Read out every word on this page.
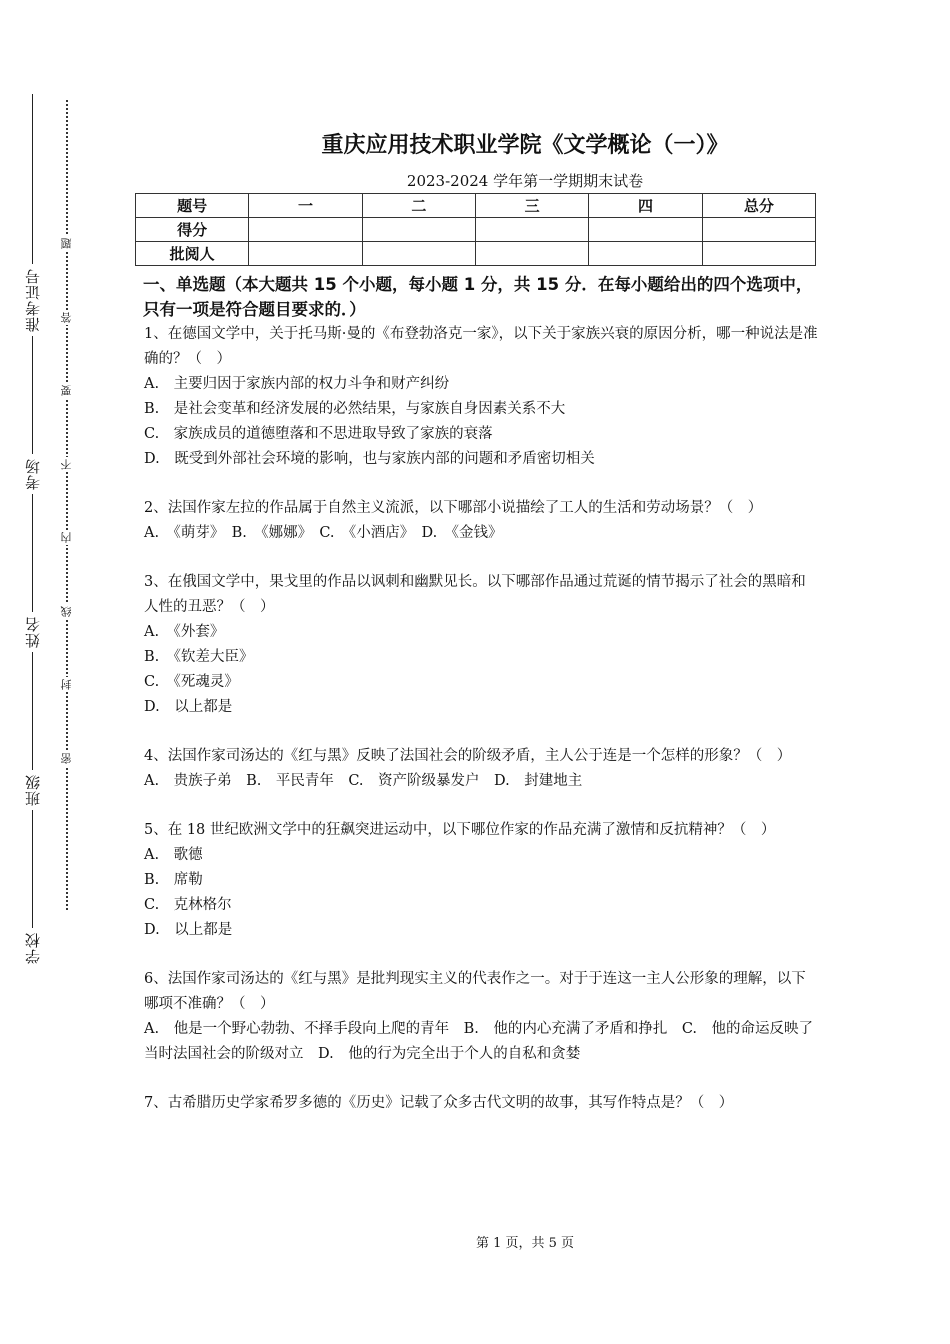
准考证号
考场
姓名
班级
学校
题
答
要
不
内
线
封
密
重庆应用技术职业学院《文学概论（一）》
2023-2024 学年第一学期期末试卷
题号	一	二	三	四	总分
得分					
批阅人					
一、单选题（本大题共 15 个小题，每小题 1 分，共 15 分．在每小题给出的四个选项中，只有一项是符合题目要求的．）
1、在德国文学中，关于托马斯·曼的《布登勃洛克一家》，以下关于家族兴衰的原因分析，哪一种说法是准确的？（　）
A.　主要归因于家族内部的权力斗争和财产纠纷
B.　是社会变革和经济发展的必然结果，与家族自身因素关系不大
C.　家族成员的道德堕落和不思进取导致了家族的衰落
D.　既受到外部社会环境的影响，也与家族内部的问题和矛盾密切相关
2、法国作家左拉的作品属于自然主义流派，以下哪部小说描绘了工人的生活和劳动场景？（　）
A.　《萌芽》　B.　《娜娜》　C.　《小酒店》　D.　《金钱》
3、在俄国文学中，果戈里的作品以讽刺和幽默见长。以下哪部作品通过荒诞的情节揭示了社会的黑暗和人性的丑恶？（　）
A.　《外套》
B.　《钦差大臣》
C.　《死魂灵》
D.　以上都是
4、法国作家司汤达的《红与黑》反映了法国社会的阶级矛盾，主人公于连是一个怎样的形象？（　）
A.　贵族子弟　B.　平民青年　C.　资产阶级暴发户　D.　封建地主
5、在 18 世纪欧洲文学中的狂飙突进运动中，以下哪位作家的作品充满了激情和反抗精神？（　）
A.　歌德
B.　席勒
C.　克林格尔
D.　以上都是
6、法国作家司汤达的《红与黑》是批判现实主义的代表作之一。对于于连这一主人公形象的理解，以下哪项不准确？（　）
A.　他是一个野心勃勃、不择手段向上爬的青年　B.　他的内心充满了矛盾和挣扎　C.　他的命运反映了当时法国社会的阶级对立　D.　他的行为完全出于个人的自私和贪婪
7、古希腊历史学家希罗多德的《历史》记载了众多古代文明的故事，其写作特点是？（　）
第 1 页，共 5 页
